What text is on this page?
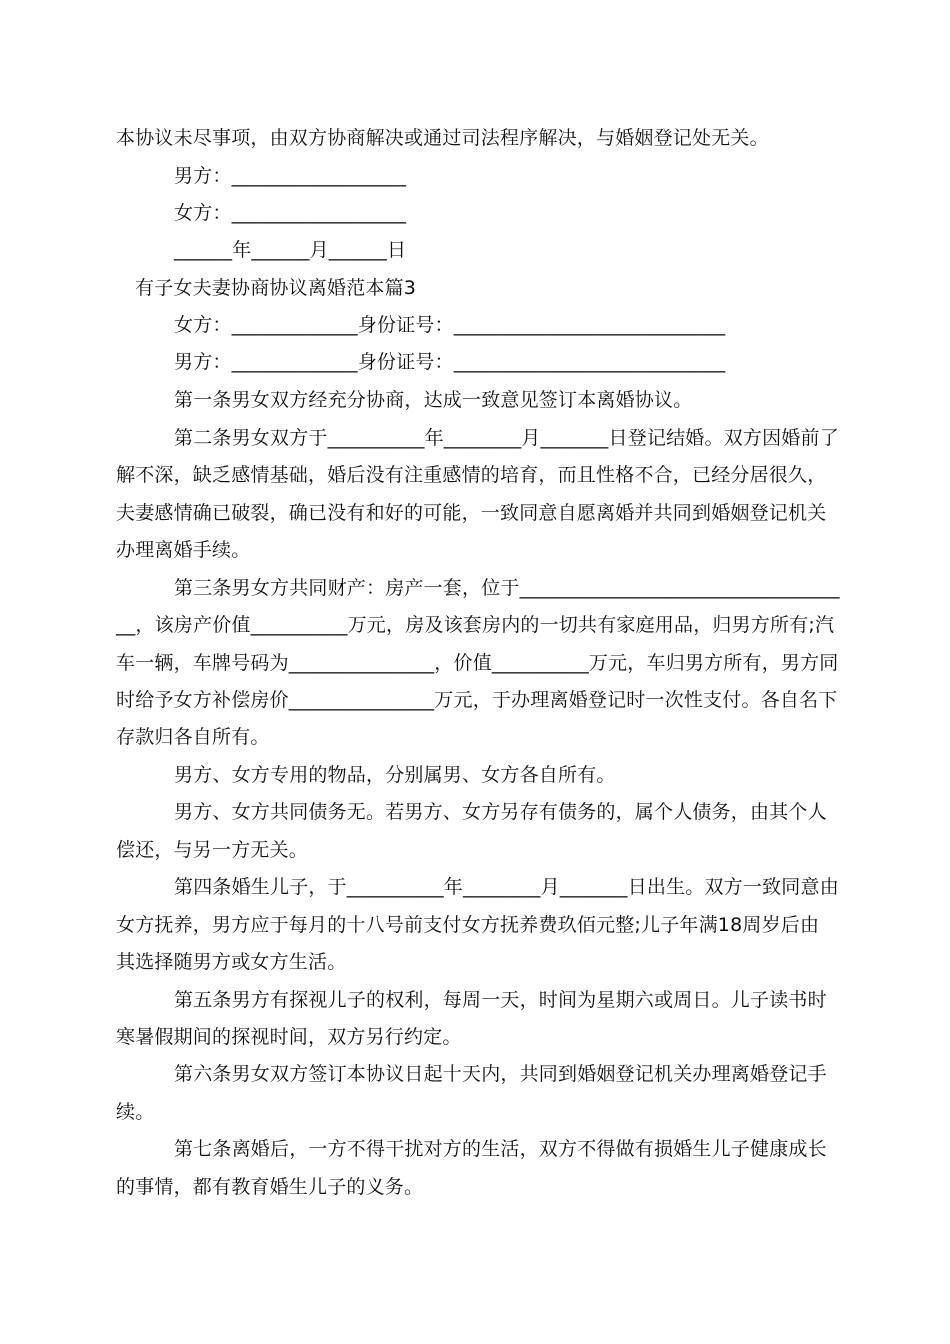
本协议未尽事项，由双方协商解决或通过司法程序解决，与婚姻登记处无关。
男方：__________________
女方：__________________
______年______月______日
有子女夫妻协商协议离婚范本篇3
女方：_____________身份证号：____________________________
男方：_____________身份证号：____________________________
第一条男女双方经充分协商，达成一致意见签订本离婚协议。
第二条男女双方于__________年________月_______日登记结婚。双方因婚前了
解不深，缺乏感情基础，婚后没有注重感情的培育，而且性格不合，已经分居很久，
夫妻感情确已破裂，确已没有和好的可能，一致同意自愿离婚并共同到婚姻登记机关
办理离婚手续。
第三条男女方共同财产：房产一套，位于_________________________________
__，该房产价值__________万元，房及该套房内的一切共有家庭用品，归男方所有;汽
车一辆，车牌号码为_______________，价值__________万元，车归男方所有，男方同
时给予女方补偿房价_______________万元，于办理离婚登记时一次性支付。各自名下
存款归各自所有。
男方、女方专用的物品，分别属男、女方各自所有。
男方、女方共同债务无。若男方、女方另存有债务的，属个人债务，由其个人
偿还，与另一方无关。
第四条婚生儿子，于__________年________月_______日出生。双方一致同意由
女方抚养，男方应于每月的十八号前支付女方抚养费玖佰元整;儿子年满18周岁后由
其选择随男方或女方生活。
第五条男方有探视儿子的权利，每周一天，时间为星期六或周日。儿子读书时
寒暑假期间的探视时间，双方另行约定。
第六条男女双方签订本协议日起十天内，共同到婚姻登记机关办理离婚登记手
续。
第七条离婚后，一方不得干扰对方的生活，双方不得做有损婚生儿子健康成长
的事情，都有教育婚生儿子的义务。
